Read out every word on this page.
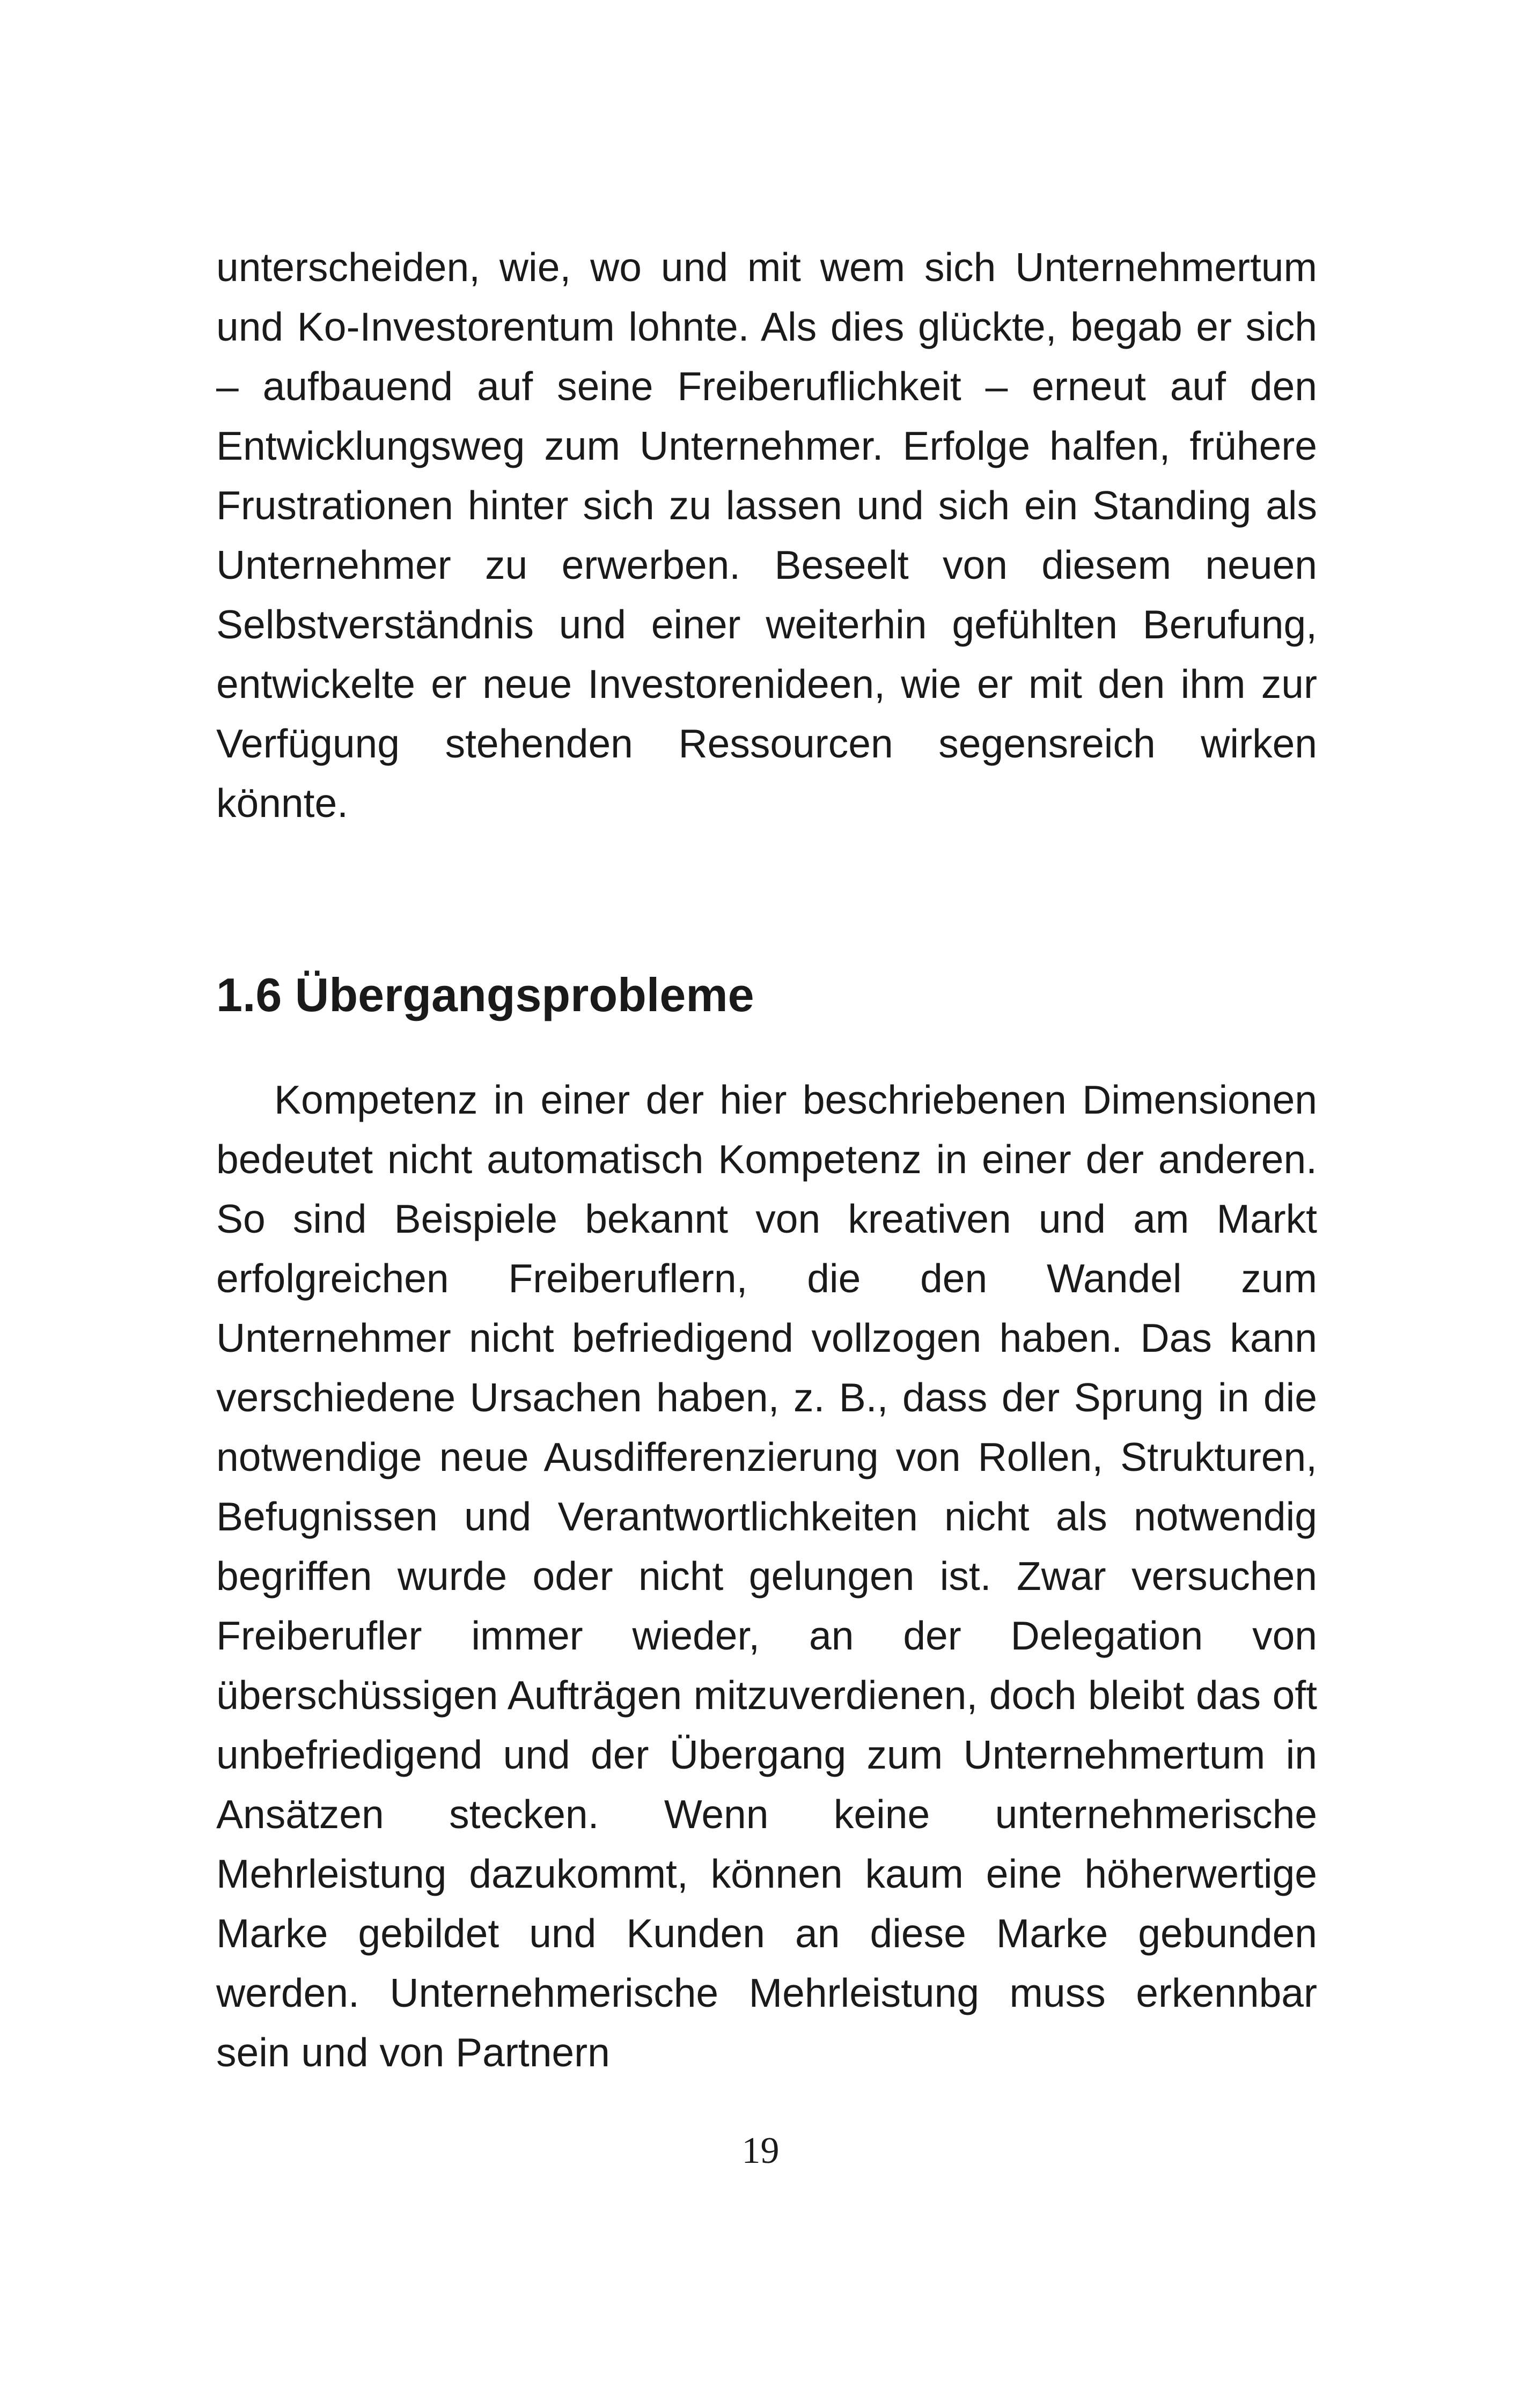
unterscheiden, wie, wo und mit wem sich Unternehmertum und Ko-Investorentum lohnte. Als dies glückte, begab er sich – aufbauend auf seine Freiberuflichkeit – erneut auf den Entwicklungsweg zum Unternehmer. Erfolge halfen, frühere Frustrationen hinter sich zu lassen und sich ein Standing als Unternehmer zu erwerben. Beseelt von diesem neuen Selbstverständnis und einer weiterhin gefühlten Berufung, entwickelte er neue Investorenideen, wie er mit den ihm zur Verfügung stehenden Ressourcen segensreich wirken könnte.

1.6 Übergangsprobleme

Kompetenz in einer der hier beschriebenen Dimensionen bedeutet nicht automatisch Kompetenz in einer der anderen. So sind Beispiele bekannt von kreativen und am Markt erfolgreichen Freiberuflern, die den Wandel zum Unternehmer nicht befriedigend vollzogen haben. Das kann verschiedene Ursachen haben, z. B., dass der Sprung in die notwendige neue Ausdifferenzierung von Rollen, Strukturen, Befugnissen und Verantwortlichkeiten nicht als notwendig begriffen wurde oder nicht gelungen ist. Zwar versuchen Freiberufler immer wieder, an der Delegation von überschüssigen Aufträgen mitzuverdienen, doch bleibt das oft unbefriedigend und der Übergang zum Unternehmertum in Ansätzen stecken. Wenn keine unternehmerische Mehrleistung dazukommt, können kaum eine höherwertige Marke gebildet und Kunden an diese Marke gebunden werden. Unternehmerische Mehrleistung muss erkennbar sein und von Partnern

19
